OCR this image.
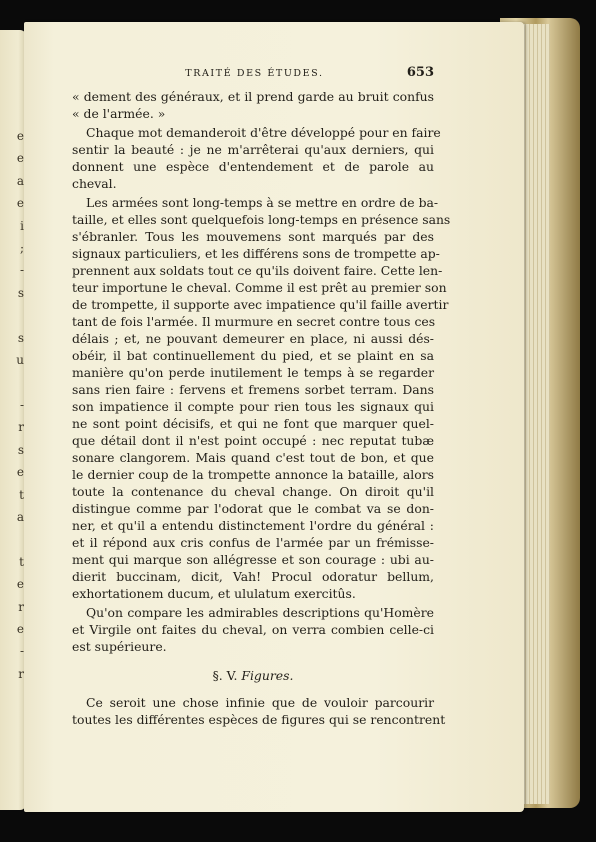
e
e
a
e
i
;
-
s

s
u

-
r
s
e
t
a

t
e
r
e
-
r
TRAITÉ DES ÉTUDES.	653
« dement des généraux, et il prend garde au bruit confus
« de l'armée. »
Chaque mot demanderoit d'être développé pour en faire
sentir la beauté : je ne m'arrêterai qu'aux derniers, qui
donnent une espèce d'entendement et de parole au
cheval.
Les armées sont long-temps à se mettre en ordre de ba-
taille, et elles sont quelquefois long-temps en présence sans
s'ébranler. Tous les mouvemens sont marqués par des
signaux particuliers, et les différens sons de trompette ap-
prennent aux soldats tout ce qu'ils doivent faire. Cette len-
teur importune le cheval. Comme il est prêt au premier son
de trompette, il supporte avec impatience qu'il faille avertir
tant de fois l'armée. Il murmure en secret contre tous ces
délais ; et, ne pouvant demeurer en place, ni aussi dés-
obéir, il bat continuellement du pied, et se plaint en sa
manière qu'on perde inutilement le temps à se regarder
sans rien faire : fervens et fremens sorbet terram. Dans
son impatience il compte pour rien tous les signaux qui
ne sont point décisifs, et qui ne font que marquer quel-
que détail dont il n'est point occupé : nec reputat tubæ
sonare clangorem. Mais quand c'est tout de bon, et que
le dernier coup de la trompette annonce la bataille, alors
toute la contenance du cheval change. On diroit qu'il
distingue comme par l'odorat que le combat va se don-
ner, et qu'il a entendu distinctement l'ordre du général :
et il répond aux cris confus de l'armée par un frémisse-
ment qui marque son allégresse et son courage : ubi au-
dierit buccinam, dicit, Vah! Procul odoratur bellum,
exhortationem ducum, et ululatum exercitûs.
Qu'on compare les admirables descriptions qu'Homère
et Virgile ont faites du cheval, on verra combien celle-ci
est supérieure.
§. V. Figures.
Ce seroit une chose infinie que de vouloir parcourir
toutes les différentes espèces de figures qui se rencontrent
